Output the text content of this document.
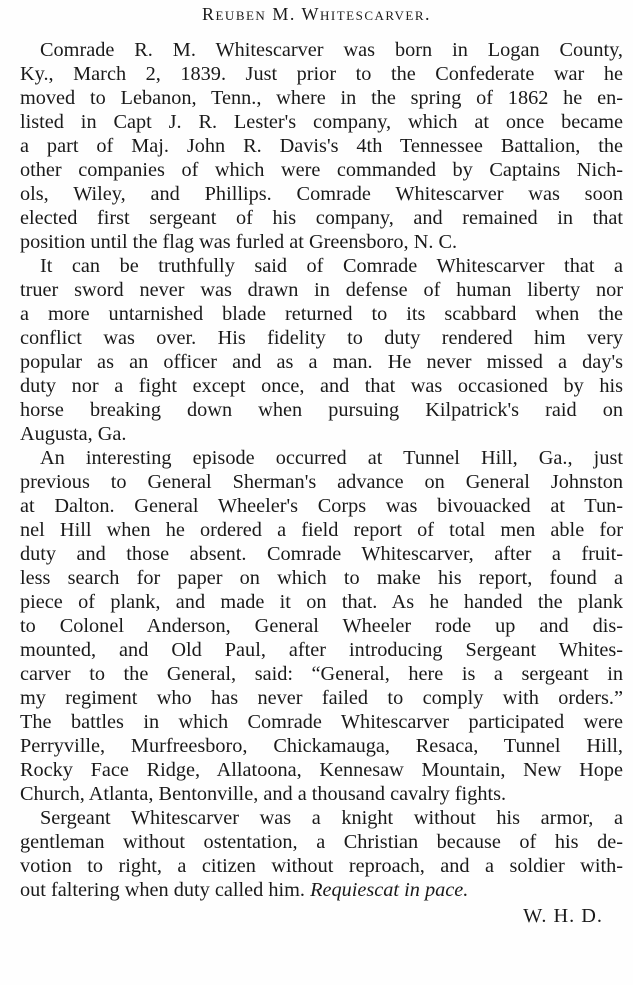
Reuben M. Whitescarver.
Comrade R. M. Whitescarver was born in Logan County,
Ky., March 2, 1839. Just prior to the Confederate war he
moved to Lebanon, Tenn., where in the spring of 1862 he en-
listed in Capt J. R. Lester's company, which at once became
a part of Maj. John R. Davis's 4th Tennessee Battalion, the
other companies of which were commanded by Captains Nich-
ols, Wiley, and Phillips. Comrade Whitescarver was soon
elected first sergeant of his company, and remained in that
position until the flag was furled at Greensboro, N. C.
It can be truthfully said of Comrade Whitescarver that a
truer sword never was drawn in defense of human liberty nor
a more untarnished blade returned to its scabbard when the
conflict was over. His fidelity to duty rendered him very
popular as an officer and as a man. He never missed a day's
duty nor a fight except once, and that was occasioned by his
horse breaking down when pursuing Kilpatrick's raid on
Augusta, Ga.
An interesting episode occurred at Tunnel Hill, Ga., just
previous to General Sherman's advance on General Johnston
at Dalton. General Wheeler's Corps was bivouacked at Tun-
nel Hill when he ordered a field report of total men able for
duty and those absent. Comrade Whitescarver, after a fruit-
less search for paper on which to make his report, found a
piece of plank, and made it on that. As he handed the plank
to Colonel Anderson, General Wheeler rode up and dis-
mounted, and Old Paul, after introducing Sergeant Whites-
carver to the General, said: “General, here is a sergeant in
my regiment who has never failed to comply with orders.”
The battles in which Comrade Whitescarver participated were
Perryville, Murfreesboro, Chickamauga, Resaca, Tunnel Hill,
Rocky Face Ridge, Allatoona, Kennesaw Mountain, New Hope
Church, Atlanta, Bentonville, and a thousand cavalry fights.
Sergeant Whitescarver was a knight without his armor, a
gentleman without ostentation, a Christian because of his de-
votion to right, a citizen without reproach, and a soldier with-
out faltering when duty called him. Requiescat in pace.
W. H. D.
